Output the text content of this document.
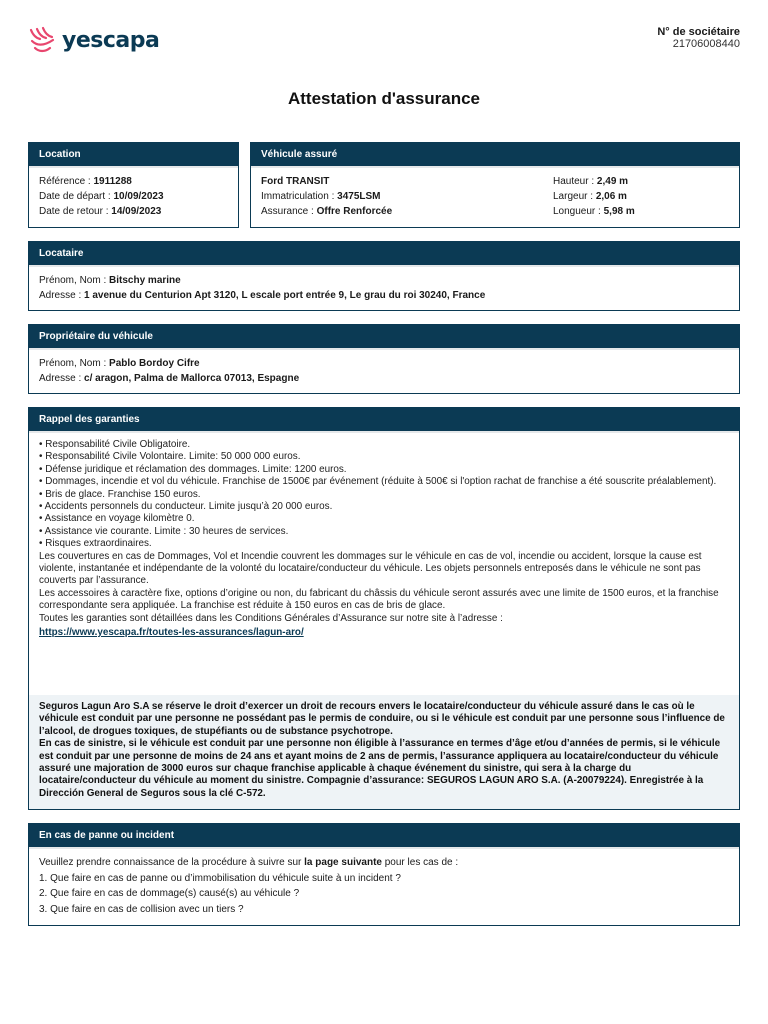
yescapa	N° de sociétaire
21706008440
Attestation d'assurance
Location
Référence : 1911288
Date de départ : 10/09/2023
Date de retour : 14/09/2023
Véhicule assuré
Ford TRANSIT
Immatriculation : 3475LSM
Assurance : Offre Renforcée
Hauteur : 2,49 m
Largeur : 2,06 m
Longueur : 5,98 m
Locataire
Prénom, Nom : Bitschy marine
Adresse : 1 avenue du Centurion Apt 3120, L escale port entrée 9, Le grau du roi 30240, France
Propriétaire du véhicule
Prénom, Nom : Pablo Bordoy Cifre
Adresse : c/ aragon, Palma de Mallorca 07013, Espagne
Rappel des garanties
• Responsabilité Civile Obligatoire.
• Responsabilité Civile Volontaire. Limite: 50 000 000 euros.
• Défense juridique et réclamation des dommages. Limite: 1200 euros.
• Dommages, incendie et vol du véhicule. Franchise de 1500€ par événement (réduite à 500€ si l'option rachat de franchise a été souscrite préalablement).
• Bris de glace. Franchise 150 euros.
• Accidents personnels du conducteur. Limite jusqu’à 20 000 euros.
• Assistance en voyage kilomètre 0.
• Assistance vie courante. Limite : 30 heures de services.
• Risques extraordinaires.
Les couvertures en cas de Dommages, Vol et Incendie couvrent les dommages sur le véhicule en cas de vol, incendie ou accident, lorsque la cause est violente, instantanée et indépendante de la volonté du locataire/conducteur du véhicule. Les objets personnels entreposés dans le véhicule ne sont pas couverts par l’assurance.
Les accessoires à caractère fixe, options d’origine ou non, du fabricant du châssis du véhicule seront assurés avec une limite de 1500 euros, et la franchise correspondante sera appliquée. La franchise est réduite à 150 euros en cas de bris de glace.
Toutes les garanties sont détaillées dans les Conditions Générales d’Assurance sur notre site à l’adresse :
https://www.yescapa.fr/toutes-les-assurances/lagun-aro/
Seguros Lagun Aro S.A se réserve le droit d’exercer un droit de recours envers le locataire/conducteur du véhicule assuré dans le cas où le véhicule est conduit par une personne ne possédant pas le permis de conduire, ou si le véhicule est conduit par une personne sous l’influence de l’alcool, de drogues toxiques, de stupéfiants ou de substance psychotrope.
En cas de sinistre, si le véhicule est conduit par une personne non éligible à l’assurance en termes d’âge et/ou d’années de permis, si le véhicule est conduit par une personne de moins de 24 ans et ayant moins de 2 ans de permis, l’assurance appliquera au locataire/conducteur du véhicule assuré une majoration de 3000 euros sur chaque franchise applicable à chaque événement du sinistre, qui sera à la charge du locataire/conducteur du véhicule au moment du sinistre. Compagnie d’assurance: SEGUROS LAGUN ARO S.A. (A-20079224). Enregistrée à la Dirección General de Seguros sous la clé C-572.
En cas de panne ou incident
Veuillez prendre connaissance de la procédure à suivre sur la page suivante pour les cas de :
1. Que faire en cas de panne ou d’immobilisation du véhicule suite à un incident ?
2. Que faire en cas de dommage(s) causé(s) au véhicule ?
3. Que faire en cas de collision avec un tiers ?
